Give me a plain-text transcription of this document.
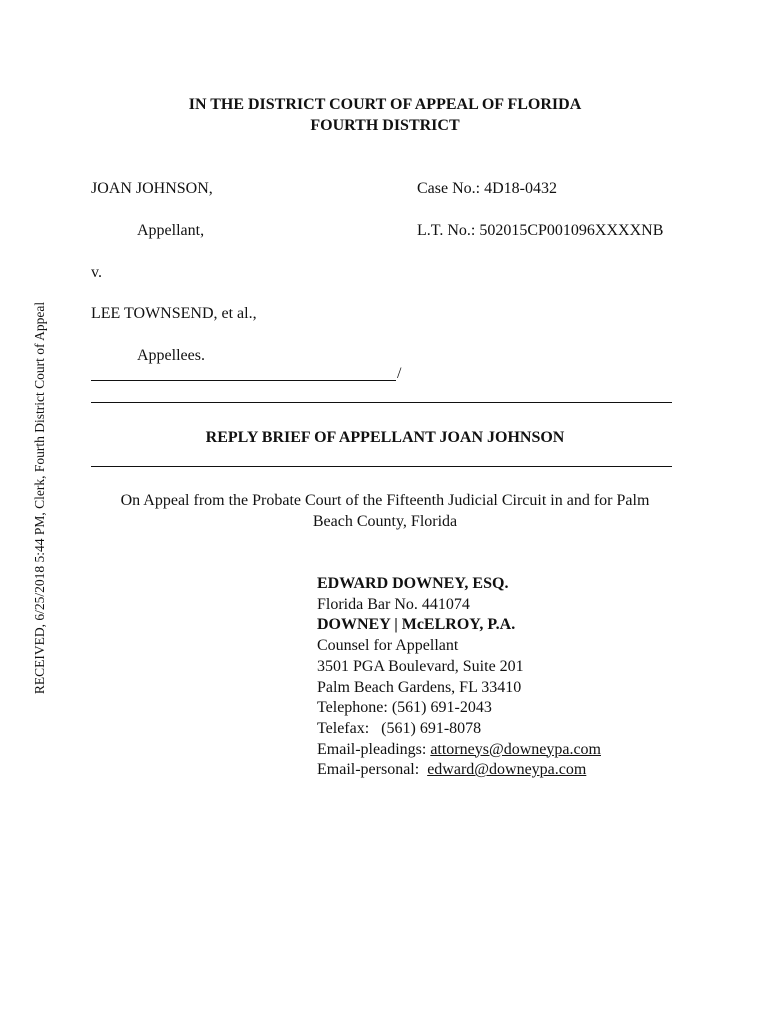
RECEIVED, 6/25/2018 5:44 PM, Clerk, Fourth District Court of Appeal
IN THE DISTRICT COURT OF APPEAL OF FLORIDA
FOURTH DISTRICT
JOAN JOHNSON,	Case No.: 4D18-0432
Appellant,	L.T. No.: 502015CP001096XXXXNB
v.
LEE TOWNSEND, et al.,
Appellees.
/
REPLY BRIEF OF APPELLANT JOAN JOHNSON
On Appeal from the Probate Court of the Fifteenth Judicial Circuit in and for Palm
Beach County, Florida
EDWARD DOWNEY, ESQ.
Florida Bar No. 441074
DOWNEY | McELROY, P.A.
Counsel for Appellant
3501 PGA Boulevard, Suite 201
Palm Beach Gardens, FL 33410
Telephone: (561) 691-2043
Telefax:   (561) 691-8078
Email-pleadings: attorneys@downeypa.com
Email-personal:  edward@downeypa.com
